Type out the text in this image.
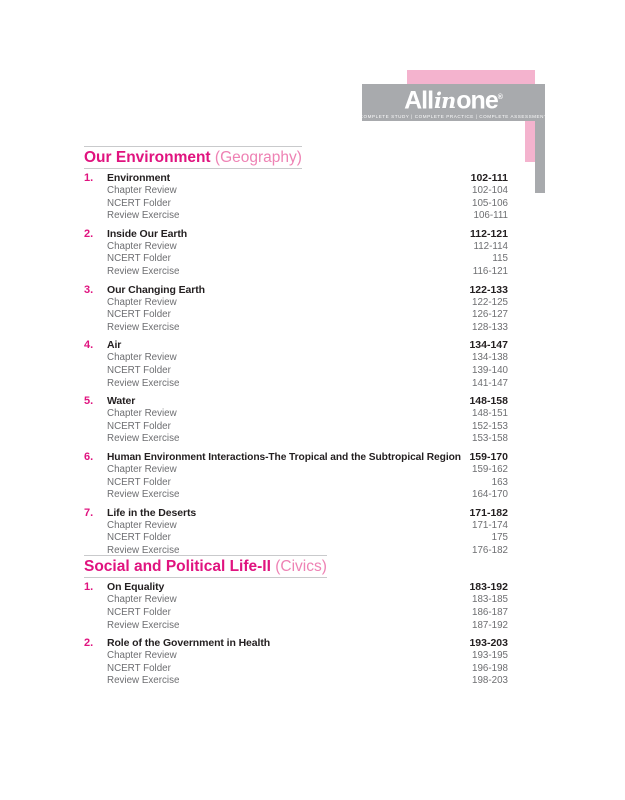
Allinone®
COMPLETE STUDY | COMPLETE PRACTICE | COMPLETE ASSESSMENT
Our Environment (Geography)
1.	Environment	102-111
Chapter Review	102-104
NCERT Folder	105-106
Review Exercise	106-111
2.	Inside Our Earth	112-121
Chapter Review	112-114
NCERT Folder	115
Review Exercise	116-121
3.	Our Changing Earth	122-133
Chapter Review	122-125
NCERT Folder	126-127
Review Exercise	128-133
4.	Air	134-147
Chapter Review	134-138
NCERT Folder	139-140
Review Exercise	141-147
5.	Water	148-158
Chapter Review	148-151
NCERT Folder	152-153
Review Exercise	153-158
6.	Human Environment Interactions-The Tropical and the Subtropical Region 159-170
Chapter Review	159-162
NCERT Folder	163
Review Exercise	164-170
7.	Life in the Deserts	171-182
Chapter Review	171-174
NCERT Folder	175
Review Exercise	176-182
Social and Political Life-II (Civics)
1.	On Equality	183-192
Chapter Review	183-185
NCERT Folder	186-187
Review Exercise	187-192
2.	Role of the Government in Health	193-203
Chapter Review	193-195
NCERT Folder	196-198
Review Exercise	198-203
